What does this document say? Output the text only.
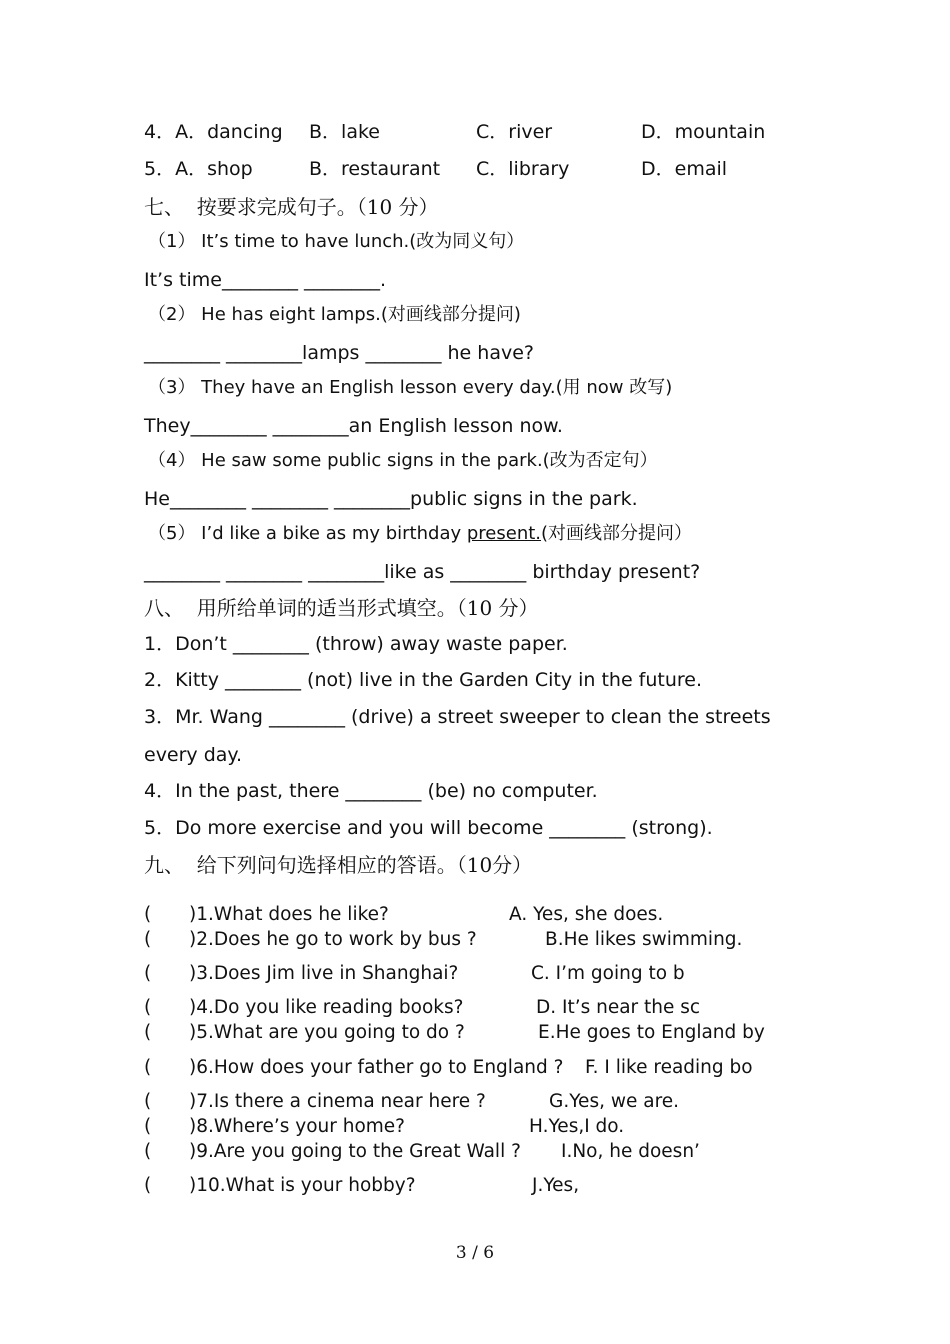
4．A．dancing B．lake	C．river	D．mountain
5．A．shop	B．restaurant C．library	D．email
七、  按要求完成句子。（10 分）
（1） It’s time to have lunch.(改为同义句）
It’s time________ ________.
（2） He has eight lamps.(对画线部分提问)
________ ________lamps ________ he have?
（3） They have an English lesson every day.(用 now 改写)
They________ ________an English lesson now.
（4） He saw some public signs in the park.(改为否定句）
He________ ________ ________public signs in the park.
（5） I’d like a bike as my birthday present.(对画线部分提问）
________ ________ ________like as ________ birthday present?
八、  用所给单词的适当形式填空。（10 分）
1．Don’t ________ (throw) away waste paper.
2．Kitty ________ (not) live in the Garden City in the future.
3．Mr. Wang ________ (drive) a street sweeper to clean the streets
every day.
4．In the past, there ________ (be) no computer.
5．Do more exercise and you will become ________ (strong).
九、  给下列问句选择相应的答语。（10分）
( )1.What does he like?	A. Yes, she does.
( )2.Does he go to work by bus ?	B.He likes swimming.
( )3.Does Jim live in Shanghai?	C. I’m going to b
( )4.Do you like reading books?	D. It’s near the sc
( )5.What are you going to do ?	E.He goes to England by
( )6.How does your father go to England ? F. I like reading bo
( )7.Is there a cinema near here ?	G.Yes, we are.
( )8.Where’s your home?	H.Yes,I do.
( )9.Are you going to the Great Wall ? I.No, he doesn’
( )10.What is your hobby?	J.Yes,
3 / 6
